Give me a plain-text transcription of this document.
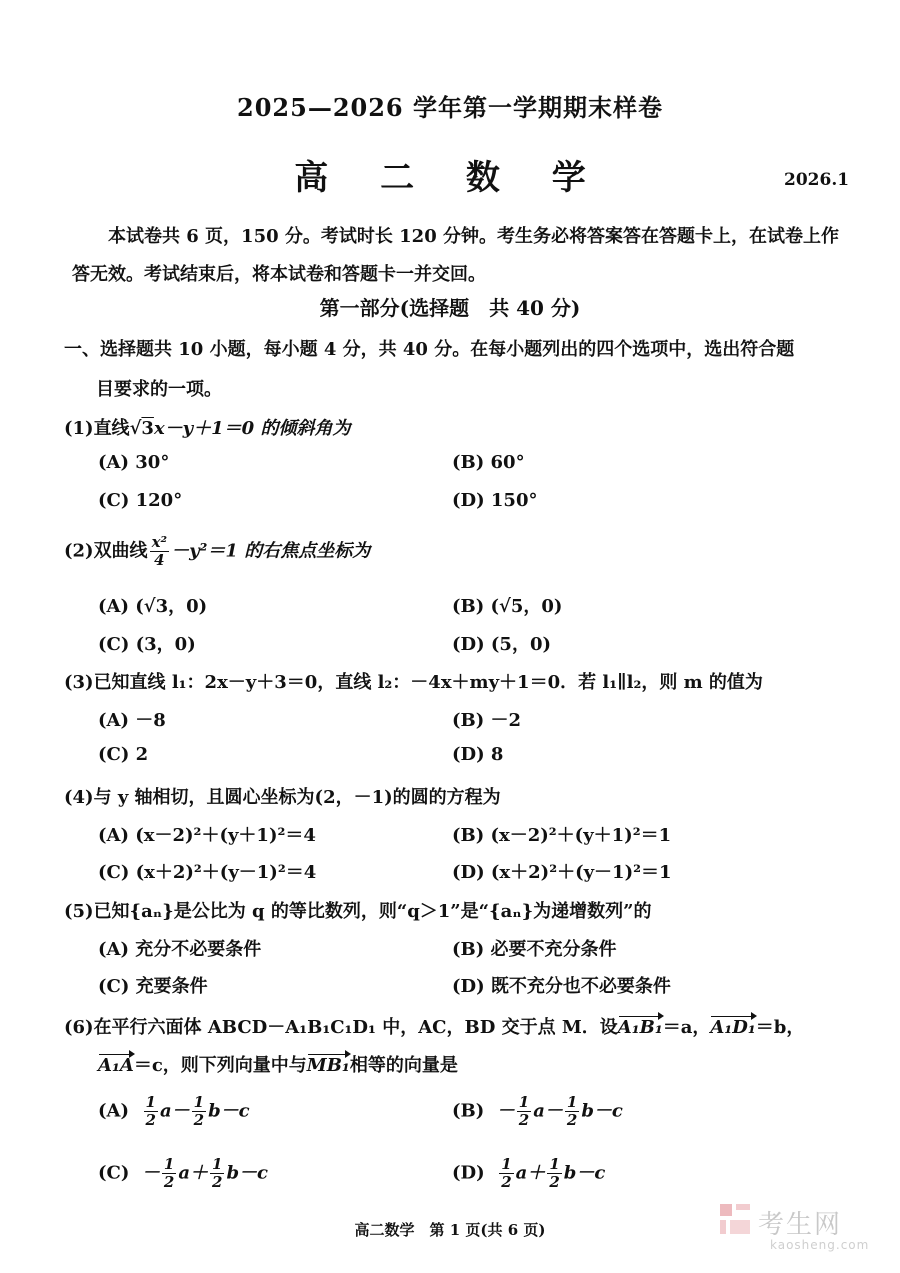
2025—2026 学年第一学期期末样卷
高 二 数 学	2026.1
本试卷共 6 页，150 分。考试时长 120 分钟。考生务必将答案答在答题卡上，在试卷上作答无效。考试结束后，将本试卷和答题卡一并交回。
第一部分(选择题　共 40 分)
一、选择题共 10 小题，每小题 4 分，共 40 分。在每小题列出的四个选项中，选出符合题
目要求的一项。
(1)直线√3x－y＋1＝0 的倾斜角为
(A) 30°	(B) 60°
(C) 120°	(D) 150°
(2)双曲线 $\frac{\text{x²}}{4} -y^2=1$ 的右焦点坐标为
(A) (√3，0)	(B) (√5，0)
(C) (3，0)	(D) (5，0)
(3)已知直线 l₁：2x－y＋3＝0，直线 l₂：－4x＋my＋1＝0．若 l₁∥l₂，则 m 的值为
(A) －8	(B) －2
(C) 2	(D) 8
(4)与 y 轴相切，且圆心坐标为(2，－1)的圆的方程为
(A) (x－2)²＋(y＋1)²＝4	(B) (x－2)²＋(y＋1)²＝1
(C) (x＋2)²＋(y－1)²＝4	(D) (x＋2)²＋(y－1)²＝1
(5)已知{aₙ}是公比为 q 的等比数列，则“q＞1”是“{aₙ}为递增数列”的
(A) 充分不必要条件	(B) 必要不充分条件
(C) 充要条件	(D) 既不充分也不必要条件
(6)在平行六面体 ABCD－A₁B₁C₁D₁ 中，AC，BD 交于点 M．设A₁B₁＝a，A₁D₁＝b，
A₁A＝c，则下列向量中与MB₁相等的向量是
$(A) \frac{1}{2} a- \frac{1}{2} b-c$	$(B) - \frac{1}{2} a- \frac{1}{2} b-c$
$(C) - \frac{1}{2} a+ \frac{1}{2} b-c$	$(D) \frac{1}{2} a+ \frac{1}{2} b-c$
高二数学　第 1 页(共 6 页)	考生网
kaosheng.com
